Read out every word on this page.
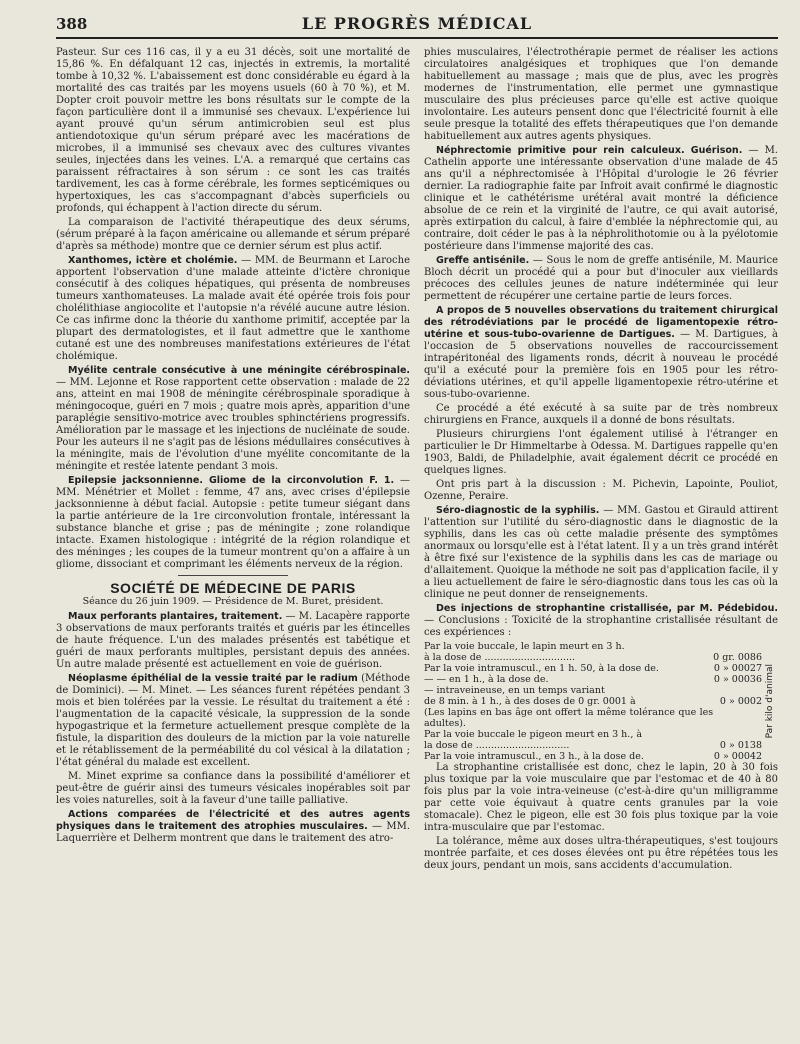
388	LE PROGRÈS MÉDICAL

Pasteur. Sur ces 116 cas, il y a eu 31 décès, soit une mortalité de 15,86 %. En défalquant 12 cas, injectés in extremis, la mortalité tombe à 10,32 %. L'abaissement est donc considérable eu égard à la mortalité des cas traités par les moyens usuels (60 à 70 %), et M. Dopter croit pouvoir mettre les bons résultats sur le compte de la façon particulière dont il a immunisé ses chevaux. L'expérience lui ayant prouvé qu'un sérum antimicrobien seul est plus antiendotoxique qu'un sérum préparé avec les macérations de microbes, il a immunisé ses chevaux avec des cultures vivantes seules, injectées dans les veines. L'A. a remarqué que certains cas paraissent réfractaires à son sérum : ce sont les cas traités tardivement, les cas à forme cérébrale, les formes septicémiques ou hypertoxiques, les cas s'accompagnant d'abcès superficiels ou profonds, qui échappent à l'action directe du sérum.

La comparaison de l'activité thérapeutique des deux sérums, (sérum préparé à la façon américaine ou allemande et sérum préparé d'après sa méthode) montre que ce dernier sérum est plus actif.

Xanthomes, ictère et cholémie. — MM. de Beurmann et Laroche apportent l'observation d'une malade atteinte d'ictère chronique consécutif à des coliques hépatiques, qui présenta de nombreuses tumeurs xanthomateuses. La malade avait été opérée trois fois pour cholélithiase angiocolite et l'autopsie n'a révélé aucune autre lésion. Ce cas infirme donc la théorie du xanthome primitif, acceptée par la plupart des dermatologistes, et il faut admettre que le xanthome cutané est une des nombreuses manifestations extérieures de l'état cholémique.

Myélite centrale consécutive à une méningite cérébrospinale. — MM. Lejonne et Rose rapportent cette observation : malade de 22 ans, atteint en mai 1908 de méningite cérébrospinale sporadique à méningocoque, guéri en 7 mois ; quatre mois après, apparition d'une paraplégie sensitivo-motrice avec troubles sphinctériens progressifs. Amélioration par le massage et les injections de nucléinate de soude. Pour les auteurs il ne s'agit pas de lésions médullaires consécutives à la méningite, mais de l'évolution d'une myélite concomitante de la méningite et restée latente pendant 3 mois.

Epilepsie jacksonnienne. Gliome de la circonvolution F. 1. — MM. Ménétrier et Mollet : femme, 47 ans, avec crises d'épilepsie jacksonnienne à début facial. Autopsie : petite tumeur siégant dans la partie antérieure de la 1re circonvolution frontale, intéressant la substance blanche et grise ; pas de méningite ; zone rolandique intacte. Examen histologique : intégrité de la région rolandique et des méninges ; les coupes de la tumeur montrent qu'on a affaire à un gliome, dissociant et comprimant les éléments nerveux de la région.

SOCIÉTÉ DE MÉDECINE DE PARIS
Séance du 26 juin 1909. — Présidence de M. Buret, président.

Maux perforants plantaires, traitement. — M. Lacapère rapporte 3 observations de maux perforants traités et guéris par les étincelles de haute fréquence. L'un des malades présentés est tabétique et guéri de maux perforants multiples, persistant depuis des années. Un autre malade présenté est actuellement en voie de guérison.

Néoplasme épithélial de la vessie traité par le radium (Méthode de Dominici). — M. Minet. — Les séances furent répétées pendant 3 mois et bien tolérées par la vessie. Le résultat du traitement a été : l'augmentation de la capacité vésicale, la suppression de la sonde hypogastrique et la fermeture actuellement presque complète de la fistule, la disparition des douleurs de la miction par la voie naturelle et le rétablissement de la perméabilité du col vésical à la dilatation ; l'état général du malade est excellent.

M. Minet exprime sa confiance dans la possibilité d'améliorer et peut-être de guérir ainsi des tumeurs vésicales inopérables soit par les voies naturelles, soit à la faveur d'une taille palliative.

Actions comparées de l'électricité et des autres agents physiques dans le traitement des atrophies musculaires. — MM. Laquerrière et Delherm montrent que dans le traitement des atro-

phies musculaires, l'électrothérapie permet de réaliser les actions circulatoires analgésiques et trophiques que l'on demande habituellement au massage ; mais que de plus, avec les progrès modernes de l'instrumentation, elle permet une gymnastique musculaire des plus précieuses parce qu'elle est active quoique involontaire. Les auteurs pensent donc que l'électricité fournit à elle seule presque la totalité des effets thérapeutiques que l'on demande habituellement aux autres agents physiques.

Néphrectomie primitive pour rein calculeux. Guérison. — M. Cathelin apporte une intéressante observation d'une malade de 45 ans qu'il a néphrectomisée à l'Hôpital d'urologie le 26 février dernier. La radiographie faite par Infroit avait confirmé le diagnostic clinique et le cathétérisme urétéral avait montré la déficience absolue de ce rein et la virginité de l'autre, ce qui avait autorisé, après extirpation du calcul, à faire d'emblée la néphrectomie qui, au contraire, doit céder le pas à la néphrolithotomie ou à la pyélotomie postérieure dans l'immense majorité des cas.

Greffe antisénile. — Sous le nom de greffe antisénile, M. Maurice Bloch décrit un procédé qui a pour but d'inoculer aux vieillards précoces des cellules jeunes de nature indéterminée qui leur permettent de récupérer une certaine partie de leurs forces.

A propos de 5 nouvelles observations du traitement chirurgical des rétrodéviations par le procédé de ligamentopexie rétro-utérine et sous-tubo-ovarienne de Dartigues. — M. Dartigues, à l'occasion de 5 observations nouvelles de raccourcissement intrapéritonéal des ligaments ronds, décrit à nouveau le procédé qu'il a exécuté pour la première fois en 1905 pour les rétro-déviations utérines, et qu'il appelle ligamentopexie rétro-utérine et sous-tubo-ovarienne.

Ce procédé a été exécuté à sa suite par de très nombreux chirurgiens en France, auxquels il a donné de bons résultats.

Plusieurs chirurgiens l'ont également utilisé à l'étranger en particulier le Dr Himmeltarbe à Odessa. M. Dartigues rappelle qu'en 1903, Baldi, de Philadelphie, avait également décrit ce procédé en quelques lignes.

Ont pris part à la discussion : M. Pichevin, Lapointe, Pouliot, Ozenne, Peraire.

Séro-diagnostic de la syphilis. — MM. Gastou et Girauld attirent l'attention sur l'utilité du séro-diagnostic dans le diagnostic de la syphilis, dans les cas où cette maladie présente des symptômes anormaux ou lorsqu'elle est à l'état latent. Il y a un très grand intérêt à être fixé sur l'existence de la syphilis dans les cas de mariage ou d'allaitement. Quoique la méthode ne soit pas d'application facile, il y a lieu actuellement de faire le séro-diagnostic dans tous les cas où la clinique ne peut donner de renseignements.

Des injections de strophantine cristallisée, par M. Pédebidou. — Conclusions : Toxicité de la strophantine cristallisée résultant de ces expériences :

Par la voie buccale, le lapin meurt en 3 h.	
à la dose de ..............................	0 gr. 0086
Par la voie intramuscul., en 1 h. 50, à la dose de.	0 » 00027
— — en 1 h., à la dose de.	0 » 00036
— intraveineuse, en un temps variant	
de 8 min. à 1 h., à des doses de 0 gr. 0001 à	0 » 0002
(Les lapins en bas âge ont offert la même tolérance que les adultes).	
Par la voie buccale le pigeon meurt en 3 h., à	
la dose de ...............................	0 » 0138
Par la voie intramuscul., en 3 h., à la dose de.	0 » 00042
Par kilo d'animal

La strophantine cristallisée est donc, chez le lapin, 20 à 30 fois plus toxique par la voie musculaire que par l'estomac et de 40 à 80 fois plus par la voie intra-veineuse (c'est-à-dire qu'un milligramme par cette voie équivaut à quatre cents granules par la voie stomacale). Chez le pigeon, elle est 30 fois plus toxique par la voie intra-musculaire que par l'estomac.

La tolérance, même aux doses ultra-thérapeutiques, s'est toujours montrée parfaite, et ces doses élevées ont pu être répétées tous les deux jours, pendant un mois, sans accidents d'accumulation.
